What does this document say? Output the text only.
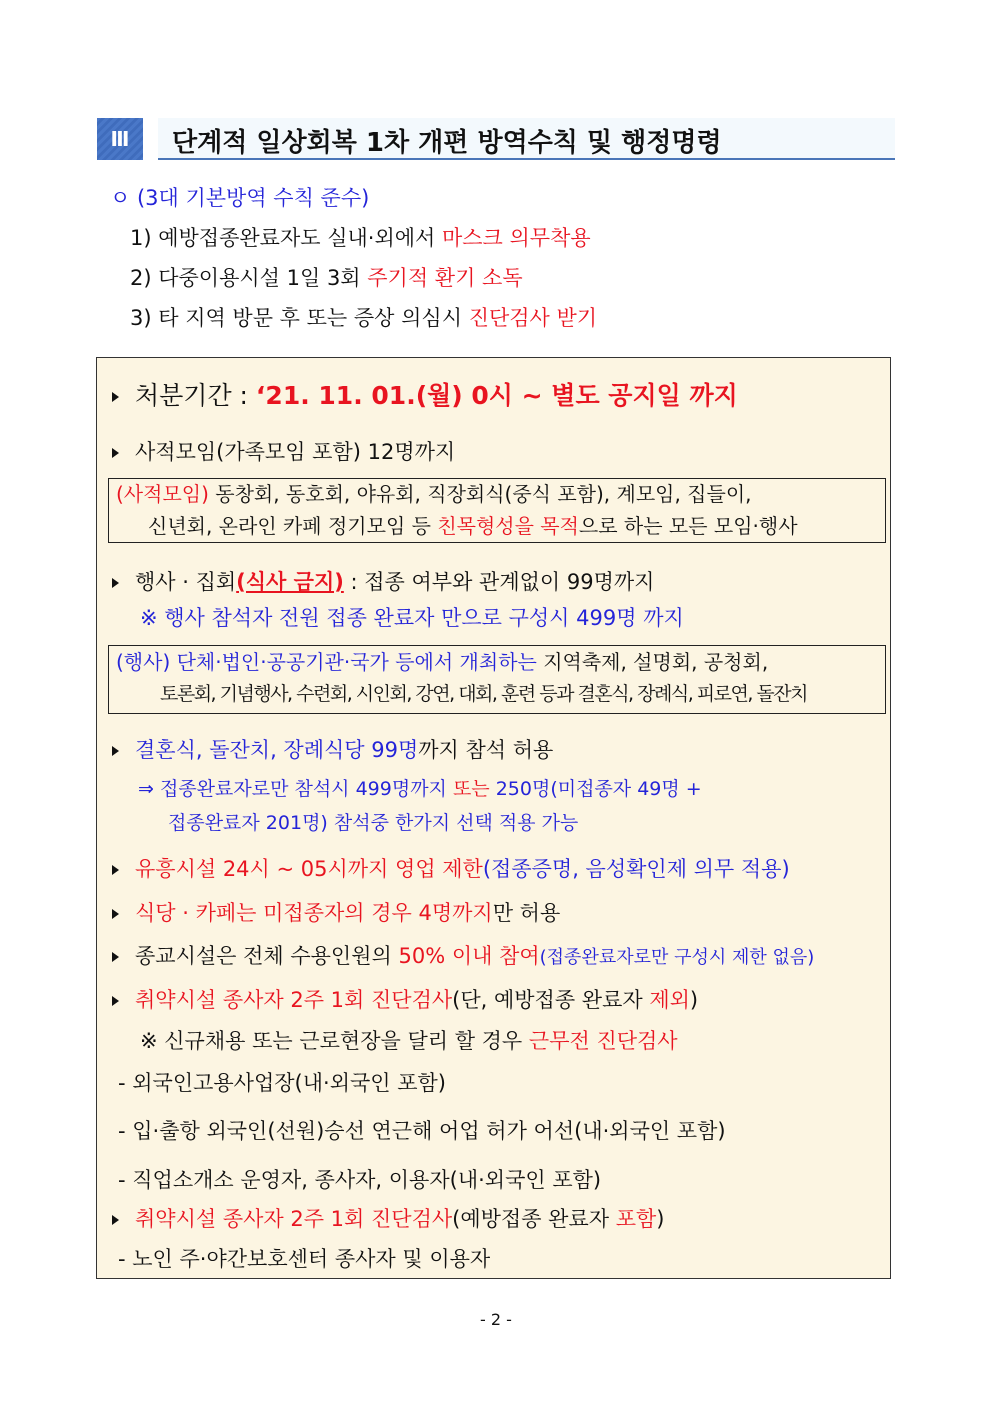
Ⅲ 단계적 일상회복 1차 개편 방역수칙 및 행정명령
ㅇ (3대 기본방역 수칙 준수)
1) 예방접종완료자도 실내·외에서 마스크 의무착용
2) 다중이용시설 1일 3회 주기적 환기 소독
3) 타 지역 방문 후 또는 증상 의심시 진단검사 받기
처분기간 : ‘21. 11. 01.(월) 0시 ~ 별도 공지일 까지
사적모임(가족모임 포함) 12명까지
(사적모임) 동창회, 동호회, 야유회, 직장회식(중식 포함), 계모임, 집들이,
신년회, 온라인 카페 정기모임 등 친목형성을 목적으로 하는 모든 모임·행사
행사 · 집회(식사 금지) : 접종 여부와 관계없이 99명까지
※ 행사 참석자 전원 접종 완료자 만으로 구성시 499명 까지
(행사) 단체·법인·공공기관·국가 등에서 개최하는 지역축제, 설명회, 공청회,
토론회, 기념행사, 수련회, 시인회, 강연, 대회, 훈련 등과 결혼식, 장례식, 피로연, 돌잔치
결혼식, 돌잔치, 장례식당 99명까지 참석 허용
⇒ 접종완료자로만 참석시 499명까지 또는 250명(미접종자 49명 +
접종완료자 201명) 참석중 한가지 선택 적용 가능
유흥시설 24시 ~ 05시까지 영업 제한(접종증명, 음성확인제 의무 적용)
식당 · 카페는 미접종자의 경우 4명까지만 허용
종교시설은 전체 수용인원의 50% 이내 참여(접종완료자로만 구성시 제한 없음)
취약시설 종사자 2주 1회 진단검사(단, 예방접종 완료자 제외)
※ 신규채용 또는 근로현장을 달리 할 경우 근무전 진단검사
- 외국인고용사업장(내·외국인 포함)
- 입·출항 외국인(선원)승선 연근해 어업 허가 어선(내·외국인 포함)
- 직업소개소 운영자, 종사자, 이용자(내·외국인 포함)
취약시설 종사자 2주 1회 진단검사(예방접종 완료자 포함)
- 노인 주·야간보호센터 종사자 및 이용자
- 2 -
